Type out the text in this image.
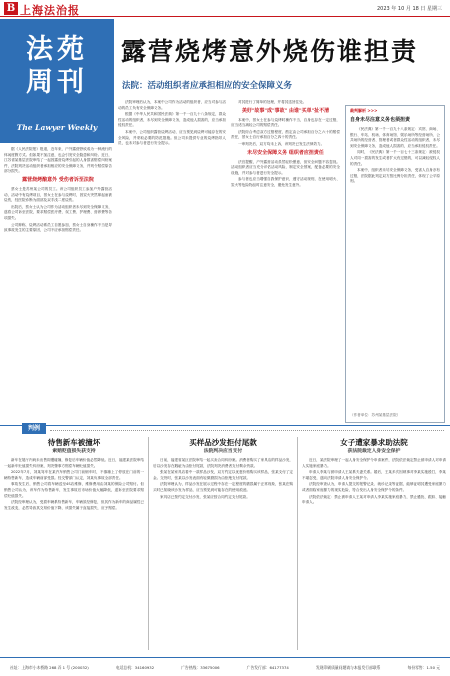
B 上海法治报	2023 年 10 月 18 日 星期三
法苑周刊
The Lawyer Weekly
露营烧烤意外烧伤谁担责
法院：活动组织者应承担相应的安全保障义务

据《人民法院报》报道，近年来，户外露营野炊成为一种流行的休闲度假方式。但如果不加注意，也会引发安全隐患和纠纷。近日，江苏省某基层法院审结了一起因露营烧烤引起的人身损害赔偿纠纷案件，法院判决活动组织者承担相应的安全保障义务，并判令赔偿原告部分损失。

露营烧烤酿意外 受伤者诉至法院

蔡女士是苏州某公司的员工。该公司组织员工参加户外露营活动，活动中有烧烤项目，蔡女士在参与烧烤时，因炭火突然窜起而被烧伤，经医院诊断为面部及双手浅二度烧伤。

出院后，蔡女士认为公司作为活动组织者未尽到安全保障义务，遂将公司诉至法院，要求赔偿医疗费、误工费、护理费、营养费等各项损失。

公司辩称，烧烤活动系员工自愿参加，蔡女士自身操作不当是导致事故发生的主要原因，公司不应承担赔偿责任。

法院审理后认为，本案中公司作为活动的组织者，应当对参与活动的员工负有安全保障义务。

根据《中华人民共和国民法典》第一千一百九十八条规定，群众性活动的组织者，未尽到安全保障义务，造成他人损害的，应当承担侵权责任。

本案中，公司组织露营烧烤活动，应当预见到烧烤可能存在的安全风险，并采取必要的防范措施。但公司未提供专业的烧烤指导人员，也未对参与者进行安全提示。

对其进行了简单的处理，并将其送回住处。

美好"故事"成"事故" 由谁"买单"扯不清

本案中，蔡女士在参与烧烤时操作不当，自身也存在一定过错，应当适当减轻公司的赔偿责任。

法院综合考虑双方过错程度，酌定由公司承担百分之六十的赔偿责任，蔡女士自行承担百分之四十的责任。

一审判决后，双方均未上诉，该判决已发生法律效力。

未尽安全保障义务 组织者应担责任

法官提醒，户外露营活动虽然轻松惬意，但安全问题不容忽视。活动组织者应当充分评估活动风险，制定安全预案，配备必要的安全设施，并对参与者进行安全提示。

参与者也应当增强自我保护意识，遵守活动规则，在使用明火、炭火等危险物品时注意安全，避免发生意外。

裁判解析 >>>
自身未尽注意义务也须担责

《民法典》第一千一百九十八条规定：宾馆、商场、银行、车站、机场、体育场馆、娱乐场所等经营场所、公共场所的经营者、管理者或者群众性活动的组织者，未尽到安全保障义务，造成他人损害的，应当承担侵权责任。

同时，《民法典》第一千一百七十三条规定：被侵权人对同一损害的发生或者扩大有过错的，可以减轻侵权人的责任。

本案中，组织者未尽安全保障义务，受害人自身亦有过错，法院据此判定双方按比例分担责任，体现了公平原则。

（作者单位：苏州某基层法院）
判例
待售新车被撞坏
索赔贬值损失获支持

新车在展厅内尚未出售即遭碰撞，修复后车辆价值必然降低。近日，福建某法院审结一起新车贬值损失纠纷案，判决肇事方赔偿车辆贬值损失。

2022年7月，刘某驾车在某汽车销售公司门前倒车时，不慎撞上了停放在门前的一辆待售新车，造成车辆前部受损。经交警部门认定，刘某负事故全部责任。

事故发生后，销售公司将车辆送至4S店维修，维修费用由刘某的保险公司赔付。但销售公司认为，该车作为待售新车，发生事故后市场价值大幅降低，遂诉至法院要求赔偿贬值损失。

法院经审理认为，受损车辆系待售新车，车辆虽经修复，但其作为新车的商品属性已发生改变，必然导致其交易价值下降，该损失属于直接损失，应予赔偿。

买样品沙发拒付尾款
法院判决应当支付

日前，福建省某区法院审结一起买卖合同纠纷案。消费者购买了家具店的样品沙发，后以沙发存在瑕疵为由拒付尾款，法院判决消费者支付剩余货款。

张某在某家具店看中一款样品沙发，双方约定以优惠价格购买该样品，张某支付了定金。交货时，张某以沙发表面有轻微磨损为由拒绝支付尾款。

法院审理认为，样品沙发在展示过程中存在一定程度的磨损属于正常现象，张某在购买时已知晓该沙发为样品，应当预见到可能存在的使用痕迹。

家具店已按约定交付沙发，张某应按合同约定支付尾款。

女子遭家暴求助法院
获法院裁定人身安全保护

近日，某法院审理了一起人身安全保护令申请案件，法院依法裁定禁止被申请人对申请人实施家庭暴力。

申请人李某与被申请人王某系夫妻关系。婚后，王某多次因琐事对李某实施殴打，李某不堪忍受，遂向法院申请人身安全保护令。

法院经审查认为，申请人提交的报警记录、就诊记录等证据，能够证明其遭受家庭暴力或者面临家庭暴力的现实危险，符合发出人身安全保护令的条件。

法院依法裁定：禁止被申请人王某对申请人李某实施家庭暴力，禁止骚扰、跟踪、接触申请人。

社址：上海市小木桥路 268 弄 1 号 (200032)	电话总机：34160932	广告热线：33675006	广告发行部：64177374	发现印刷质量问题请与本报发行部联系	每份零售：1.50 元
